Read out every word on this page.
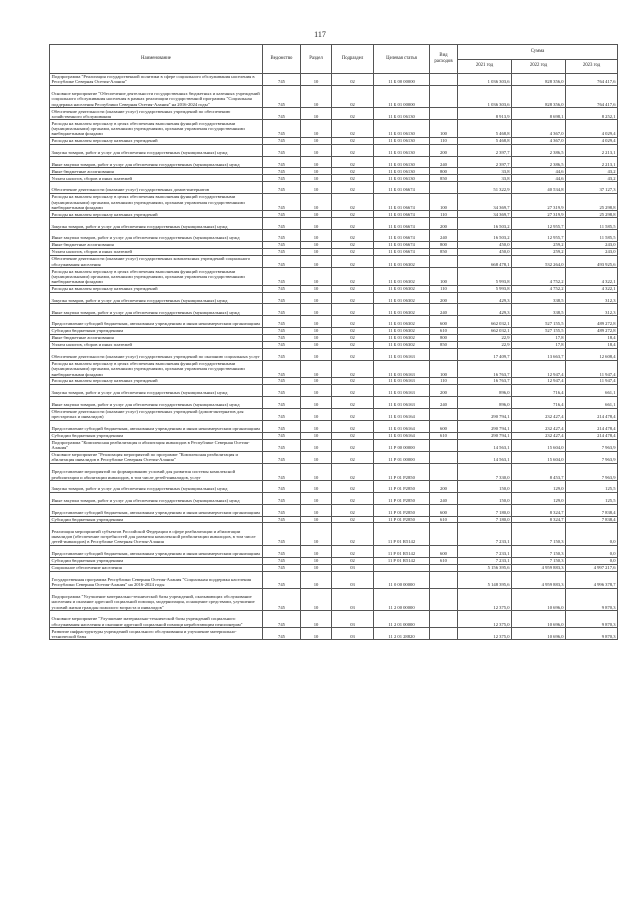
117
Наименование	Ведомство	Раздел	Подраздел	Целевая статья	Вид расходов	Сумма		
						2021 год	2022 год	2023 год
Подпрограмма "Реализация государственной политики в сфере социального обслуживания населения в Республике Северная Осетия-Алания"	745	10	02	11 Б 00 00000		1 036 303,6	828 356,0	764 417,6
Основное мероприятие "Обеспечение деятельности государственных бюджетных и казенных учреждений социального обслуживания населения в рамках реализации государственной программы "Социальная поддержка населения Республики Северная Осетия-Алания" на 2016-2024 годы"	745	10	02	11 Б 01 00000		1 036 303,6	828 356,0	764 417,6
Обеспечение деятельности (оказание услуг) государственных учреждений по обеспечению хозяйственного обслуживания	745	10	02	11 Б 01 06130		8 913,9	8 698,1	8 252,1
Расходы на выплаты персоналу в целях обеспечения выполнения функций государственными (муниципальными) органами, казенными учреждениями, органами управления государственными внебюджетными фондами	745	10	02	11 Б 01 06130	100	5 468,8	4 367,0	4 029,4
Расходы на выплаты персоналу казенных учреждений	745	10	02	11 Б 01 06130	110	5 468,8	4 367,0	4 029,4
Закупка товаров, работ и услуг для обеспечения государственных (муниципальных) нужд	745	10	02	11 Б 01 06130	200	2 397,7	2 386,5	2 213,1
Иные закупки товаров, работ и услуг для обеспечения государственных (муниципальных) нужд	745	10	02	11 Б 01 06130	240	2 397,7	2 386,5	2 213,1
Иные бюджетные ассигнования	745	10	02	11 Б 01 06130	800	33,8	44,6	43,2
Уплата налогов, сборов и иных платежей	745	10	02	11 Б 01 06130	850	33,8	44,6	43,2
Обеспечение деятельности (оказание услуг) государственных домов-интернатов	745	10	02	11 Б 01 06674		51 322,9	40 534,8	37 127,3
Расходы на выплаты персоналу в целях обеспечения выполнения функций государственными (муниципальными) органами, казенными учреждениями, органами управления государственными внебюджетными фондами	745	10	02	11 Б 01 06674	100	34 369,7	27 319,9	25 298,8
Расходы на выплаты персоналу казенных учреждений	745	10	02	11 Б 01 06674	110	34 369,7	27 319,9	25 298,8
Закупка товаров, работ и услуг для обеспечения государственных (муниципальных) нужд	745	10	02	11 Б 01 06674	200	16 503,2	12 955,7	11 585,5
Иные закупки товаров, работ и услуг для обеспечения государственных (муниципальных) нужд	745	10	02	11 Б 01 06674	240	16 503,2	12 955,7	11 585,5
Иные бюджетные ассигнования	745	10	02	11 Б 01 06674	800	450,0	259,2	243,0
Уплата налогов, сборов и иных платежей	745	10	02	11 Б 01 06674	850	450,0	259,2	243,0
Обеспечение деятельности (оказание услуг) государственных комплексных учреждений социального обслуживания населения	745	10	02	11 Б 01 06302		668 478,1	532 264,0	493 925,6
Расходы на выплаты персоналу в целях обеспечения выполнения функций государственными (муниципальными) органами, казенными учреждениями, органами управления государственными внебюджетными фондами	745	10	02	11 Б 01 06302	100	5 993,8	4 752,2	4 322,1
Расходы на выплаты персоналу казенных учреждений	745	10	02	11 Б 01 06302	110	5 993,8	4 752,2	4 322,1
Закупка товаров, работ и услуг для обеспечения государственных (муниципальных) нужд	745	10	02	11 Б 01 06302	200	429,3	338,5	312,3
Иные закупки товаров, работ и услуг для обеспечения государственных (муниципальных) нужд	745	10	02	11 Б 01 06302	240	429,3	338,5	312,3
Предоставление субсидий бюджетным, автономным учреждениям и иным некоммерческим организациям	745	10	02	11 Б 01 06302	600	662 032,1	527 155,5	489 272,8
Субсидии бюджетным учреждениям	745	10	02	11 Б 01 06302	610	662 032,1	527 155,5	489 272,8
Иные бюджетные ассигнования	745	10	02	11 Б 01 06302	800	22,9	17,8	18,4
Уплата налогов, сборов и иных платежей	745	10	02	11 Б 01 06302	850	22,9	17,8	18,4
Обеспечение деятельности (оказание услуг) государственных учреждений по оказанию социальных услуг	745	10	02	11 Б 01 06163		17 409,7	13 663,7	12 608,4
Расходы на выплаты персоналу в целях обеспечения выполнения функций государственными (муниципальными) органами, казенными учреждениями, органами управления государственными внебюджетными фондами	745	10	02	11 Б 01 06163	100	16 763,7	12 947,4	11 947,4
Расходы на выплаты персоналу казенных учреждений	745	10	02	11 Б 01 06163	110	16 763,7	12 947,4	11 947,4
Закупка товаров, работ и услуг для обеспечения государственных (муниципальных) нужд	745	10	02	11 Б 01 06163	200	896,0	716,4	661,1
Иные закупки товаров, работ и услуг для обеспечения государственных (муниципальных) нужд	745	10	02	11 Б 01 06163	240	896,0	716,4	661,1
Обеспечение деятельности (оказание услуг) государственных учреждений (домов-интернатов для престарелых и инвалидов)	745	10	02	11 Б 01 06164		290 794,1	232 427,4	214 478,4
Предоставление субсидий бюджетным, автономным учреждениям и иным некоммерческим организациям	745	10	02	11 Б 01 06164	600	290 794,1	232 427,4	214 478,4
Субсидии бюджетным учреждениям	745	10	02	11 Б 01 06164	610	290 794,1	232 427,4	214 478,4
Подпрограмма "Комплексная реабилитация и абилитация инвалидов в Республике Северная Осетия-Алания"	745	10	02	11 Р 00 00000		14 563,1	15 604,0	7 963,9
Основное мероприятие "Реализация мероприятий по программе "Комплексная реабилитация и абилитация инвалидов в Республике Северная Осетия-Алания"	745	10	02	11 Р 01 00000		14 563,1	15 604,0	7 963,9
Предоставление мероприятий по формированию условий для развития системы комплексной реабилитации и абилитации инвалидов, в том числе детей-инвалидов, услуг	745	10	02	11 Р 01 Р2850		7 330,0	8 453,7	7 963,9
Закупка товаров, работ и услуг для обеспечения государственных (муниципальных) нужд	745	10	02	11 Р 01 Р2850	200	150,0	129,0	125,5
Иные закупки товаров, работ и услуг для обеспечения государственных (муниципальных) нужд	745	10	02	11 Р 01 Р2850	240	150,0	129,0	125,5
Предоставление субсидий бюджетным, автономным учреждениям и иным некоммерческим организациям	745	10	02	11 Р 01 Р2850	600	7 180,0	8 324,7	7 838,4
Субсидии бюджетным учреждениям	745	10	02	11 Р 01 Р2850	610	7 180,0	8 324,7	7 838,4
Реализация мероприятий субъектов Российской Федерации в сфере реабилитации и абилитации инвалидов (обеспечение потребностей для развития комплексной реабилитации инвалидов, в том числе детей-инвалидов) в Республике Северная Осетия-Алания	745	10	02	11 Р 01 R5142		7 233,1	7 150,3	0,0
Предоставление субсидий бюджетным, автономным учреждениям и иным некоммерческим организациям	745	10	02	11 Р 01 R5142	600	7 233,1	7 150,3	0,0
Субсидии бюджетным учреждениям	745	10	02	11 Р 01 R5142	610	7 233,1	7 150,3	0,0
Социальное обеспечение населения	745	10	03			5 156 395,6	4 959 883,3	4 997 217,6
Государственная программа Республики Северная Осетия-Алания "Социальная поддержка населения Республики Северная Осетия-Алания" на 2016-2024 годы	745	10	03	11 0 00 00000		5 148 395,6	4 959 883,3	4 996 378,7
Подпрограмма "Улучшение материально-технической базы учреждений, оказывающих обслуживание населения и оказание адресной социальной помощи, модернизация, оснащение средствами, улучшение условий жизни граждан пожилого возраста и инвалидов"	745	10	03	11 2 00 00000		12 375,0	10 696,0	9 870,3
Основное мероприятие "Улучшение материально-технической базы учреждений социального обслуживания населения и оказание адресной социальной помощи неработающим пенсионерам"	745	10	03	11 2 01 00000		12 375,0	10 696,0	9 870,3
Развитие инфраструктуры учреждений социального обслуживания и улучшение материально-технической базы	745	10	03	11 2 01 28820		12 375,0	10 696,0	9 870,3
